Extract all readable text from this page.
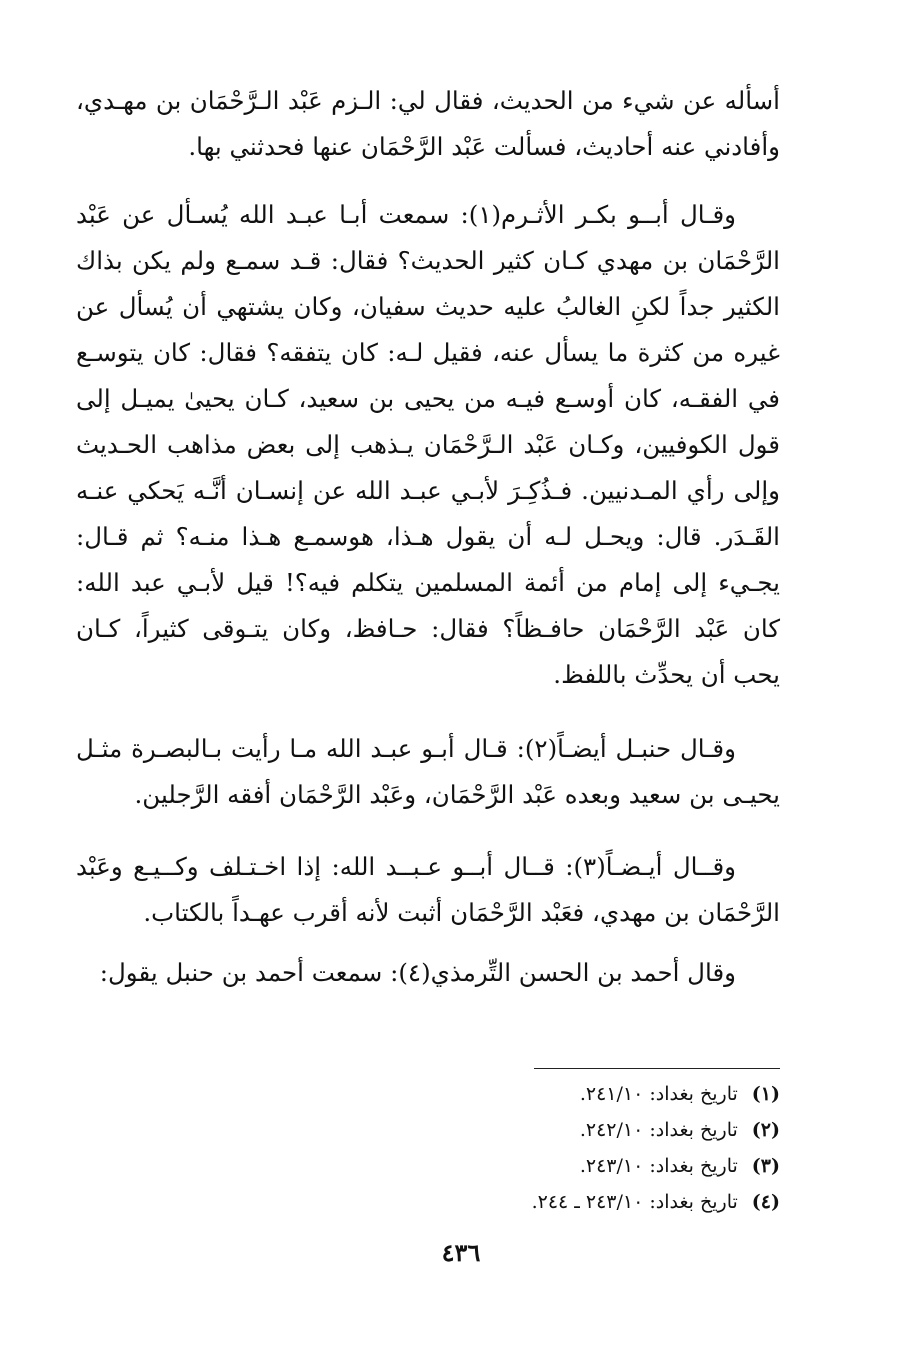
أسأله عن شيء من الحديث، فقال لي: الـزم عَبْد الـرَّحْمَان بن مهـدي، وأفادني عنه أحاديث، فسألت عَبْد الرَّحْمَان عنها فحدثني بها.

وقـال أبــو بكـر الأثـرم(١): سمعت أبـا عبـد الله يُسـأل عن عَبْد الرَّحْمَان بن مهدي كـان كثير الحديث؟ فقال: قـد سمـع ولم يكن بذاك الكثير جداً لكنِ الغالبُ عليه حديث سفيان، وكان يشتهي أن يُسأل عن غيره من كثرة ما يسأل عنه، فقيل لـه: كان يتفقه؟ فقال: كان يتوسـع في الفقـه، كان أوسـع فيـه من يحيى بن سعيد، كـان يحيىٰ يميـل إلى قول الكوفيين، وكـان عَبْد الـرَّحْمَان يـذهب إلى بعض مذاهب الحـديث وإلى رأي المـدنيين. فـذُكِـرَ لأبـي عبـد الله عن إنسـان أنَّـه يَحكي عنـه القَـدَر. قال: ويحـل لـه أن يقول هـذا، هوسمـع هـذا منـه؟ ثم قـال: يجـيء إلى إمام من أئمة المسلمين يتكلم فيه؟! قيل لأبـي عبد الله: كان عَبْد الرَّحْمَان حافـظاً؟ فقال: حـافظ، وكان يتـوقى كثيراً، كـان يحب أن يحدِّث باللفظ.

وقـال حنبـل أيضـاً(٢): قـال أبـو عبـد الله مـا رأيت بـالبصـرة مثـل يحيـى بن سعيد وبعده عَبْد الرَّحْمَان، وعَبْد الرَّحْمَان أفقه الرَّجلين.

وقــال أيـضـاً(٣): قــال أبــو عـبــد الله: إذا اخـتـلف وكــيـع وعَبْد الرَّحْمَان بن مهدي، فعَبْد الرَّحْمَان أثبت لأنه أقرب عهـداً بالكتاب.

وقال أحمد بن الحسن التِّرمذي(٤): سمعت أحمد بن حنبل يقول:

(١)تاريخ بغداد: ٢٤١/١٠.
(٢)تاريخ بغداد: ٢٤٢/١٠.
(٣)تاريخ بغداد: ٢٤٣/١٠.
(٤)تاريخ بغداد: ٢٤٣/١٠ ـ ٢٤٤.
٤٣٦
